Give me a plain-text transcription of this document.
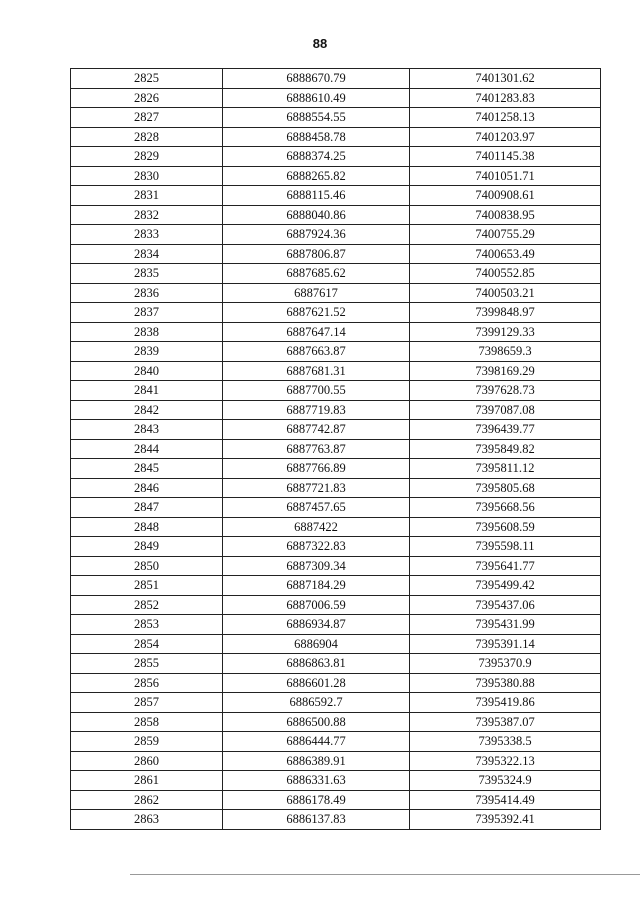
88
2825	6888670.79	7401301.62
2826	6888610.49	7401283.83
2827	6888554.55	7401258.13
2828	6888458.78	7401203.97
2829	6888374.25	7401145.38
2830	6888265.82	7401051.71
2831	6888115.46	7400908.61
2832	6888040.86	7400838.95
2833	6887924.36	7400755.29
2834	6887806.87	7400653.49
2835	6887685.62	7400552.85
2836	6887617	7400503.21
2837	6887621.52	7399848.97
2838	6887647.14	7399129.33
2839	6887663.87	7398659.3
2840	6887681.31	7398169.29
2841	6887700.55	7397628.73
2842	6887719.83	7397087.08
2843	6887742.87	7396439.77
2844	6887763.87	7395849.82
2845	6887766.89	7395811.12
2846	6887721.83	7395805.68
2847	6887457.65	7395668.56
2848	6887422	7395608.59
2849	6887322.83	7395598.11
2850	6887309.34	7395641.77
2851	6887184.29	7395499.42
2852	6887006.59	7395437.06
2853	6886934.87	7395431.99
2854	6886904	7395391.14
2855	6886863.81	7395370.9
2856	6886601.28	7395380.88
2857	6886592.7	7395419.86
2858	6886500.88	7395387.07
2859	6886444.77	7395338.5
2860	6886389.91	7395322.13
2861	6886331.63	7395324.9
2862	6886178.49	7395414.49
2863	6886137.83	7395392.41
